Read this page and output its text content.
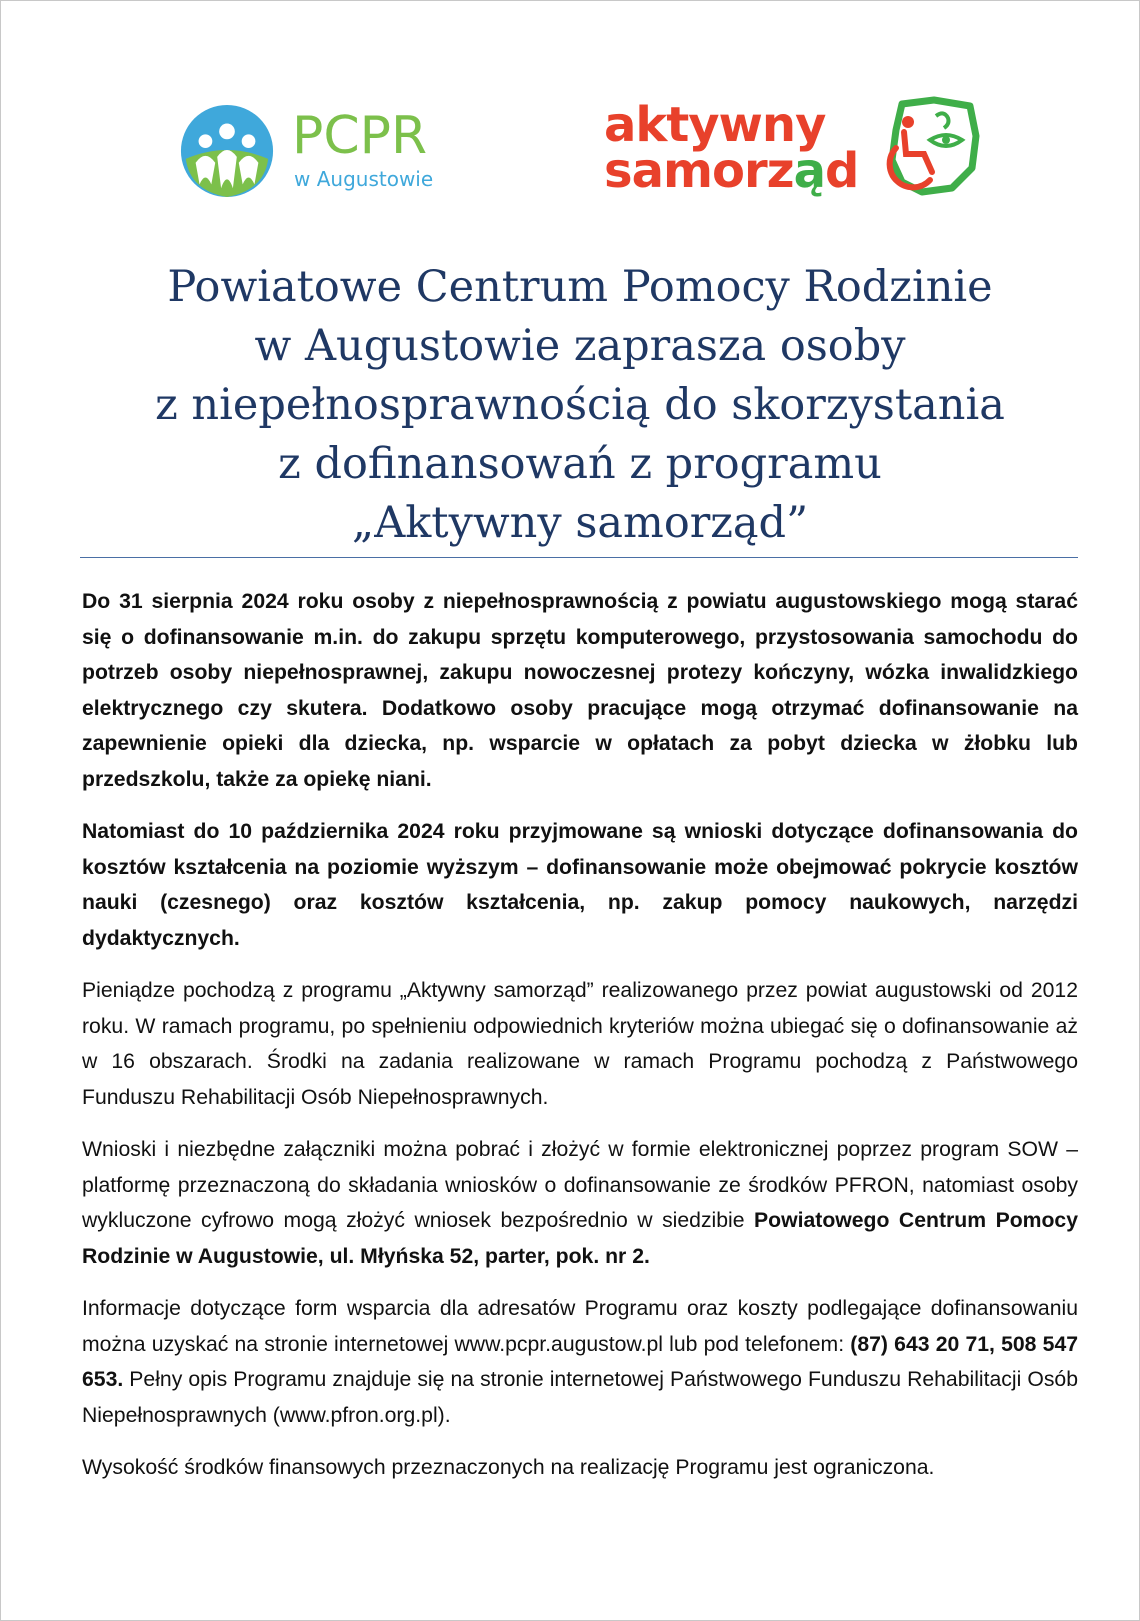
PCPR
w Augustowie
aktywny
samorząd
Powiatowe Centrum Pomocy Rodzinie
w Augustowie zaprasza osoby
z niepełnosprawnością do skorzystania
z dofinansowań z programu
„Aktywny samorząd”

Do 31 sierpnia 2024 roku osoby z niepełnosprawnością z powiatu augustowskiego mogą starać się o dofinansowanie m.in. do zakupu sprzętu komputerowego, przystosowania samochodu do potrzeb osoby niepełnosprawnej, zakupu nowoczesnej protezy kończyny, wózka inwalidzkiego elektrycznego czy skutera. Dodatkowo osoby pracujące mogą otrzymać dofinansowanie na zapewnienie opieki dla dziecka, np. wsparcie w opłatach za pobyt dziecka w żłobku lub przedszkolu, także za opiekę niani.

Natomiast do 10 października 2024 roku przyjmowane są wnioski dotyczące dofinansowania do kosztów kształcenia na poziomie wyższym – dofinansowanie może obejmować pokrycie kosztów nauki (czesnego) oraz kosztów kształcenia, np. zakup pomocy naukowych, narzędzi dydaktycznych.

Pieniądze pochodzą z programu „Aktywny samorząd” realizowanego przez powiat augustowski od 2012 roku. W ramach programu, po spełnieniu odpowiednich kryteriów można ubiegać się o dofinansowanie aż w 16 obszarach. Środki na zadania realizowane w ramach Programu pochodzą z Państwowego Funduszu Rehabilitacji Osób Niepełnosprawnych.

Wnioski i niezbędne załączniki można pobrać i złożyć w formie elektronicznej poprzez program SOW – platformę przeznaczoną do składania wniosków o dofinansowanie ze środków PFRON, natomiast osoby wykluczone cyfrowo mogą złożyć wniosek bezpośrednio w siedzibie Powiatowego Centrum Pomocy Rodzinie w Augustowie, ul. Młyńska 52, parter, pok. nr 2.

Informacje dotyczące form wsparcia dla adresatów Programu oraz koszty podlegające dofinansowaniu można uzyskać na stronie internetowej www.pcpr.augustow.pl lub pod telefonem: (87) 643 20 71, 508 547 653. Pełny opis Programu znajduje się na stronie internetowej Państwowego Funduszu Rehabilitacji Osób Niepełnosprawnych (www.pfron.org.pl).

Wysokość środków finansowych przeznaczonych na realizację Programu jest ograniczona.
